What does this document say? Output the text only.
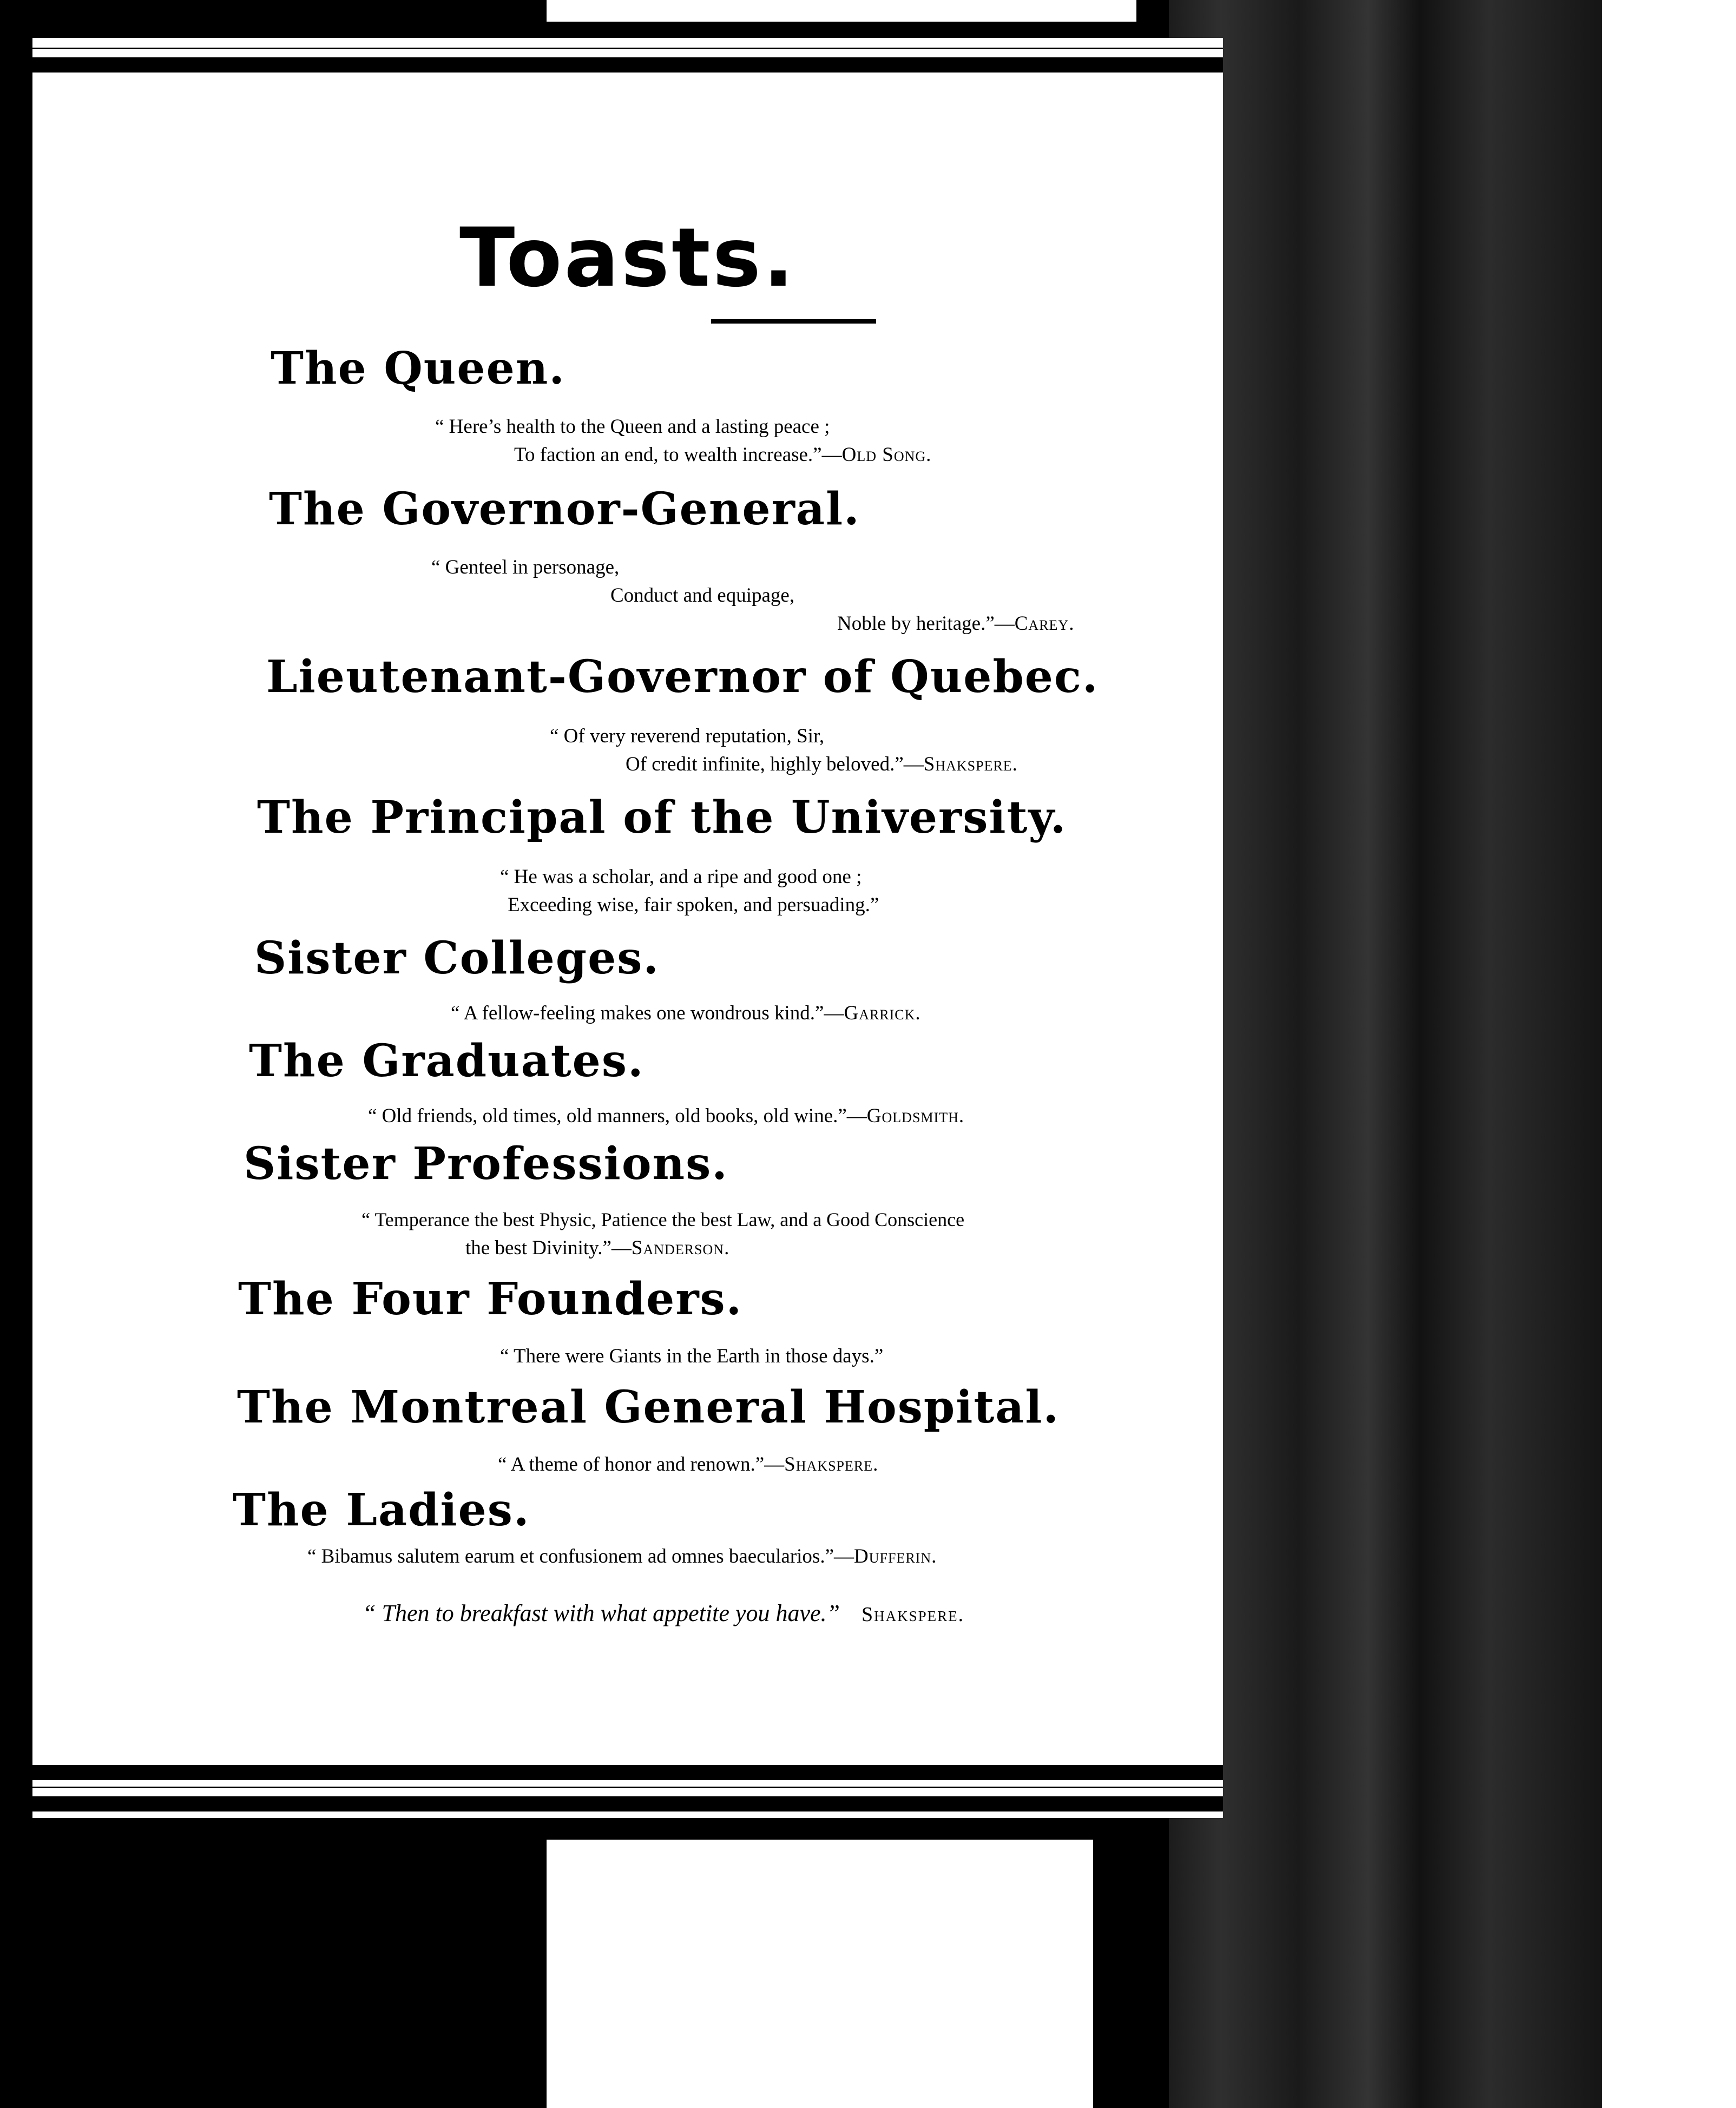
Toasts.
The Queen.
“ Here’s health to the Queen and a lasting peace ;
To faction an end, to wealth increase.”—Old Song.
The Governor-General.
“ Genteel in personage,
Conduct and equipage,
Noble by heritage.”—Carey.
Lieutenant-Governor of Quebec.
“ Of very reverend reputation, Sir,
Of credit infinite, highly beloved.”—Shakspere.
The Principal of the University.
“ He was a scholar, and a ripe and good one ;
Exceeding wise, fair spoken, and persuading.”
Sister Colleges.
“ A fellow-feeling makes one wondrous kind.”—Garrick.
The Graduates.
“ Old friends, old times, old manners, old books, old wine.”—Goldsmith.
Sister Professions.
“ Temperance the best Physic, Patience the best Law, and a Good Conscience
the best Divinity.”—Sanderson.
The Four Founders.
“ There were Giants in the Earth in those days.”
The Montreal General Hospital.
“ A theme of honor and renown.”—Shakspere.
The Ladies.
“ Bibamus salutem earum et confusionem ad omnes baecularios.”—Dufferin.
“ Then to breakfast with what appetite you have.” Shakspere.
